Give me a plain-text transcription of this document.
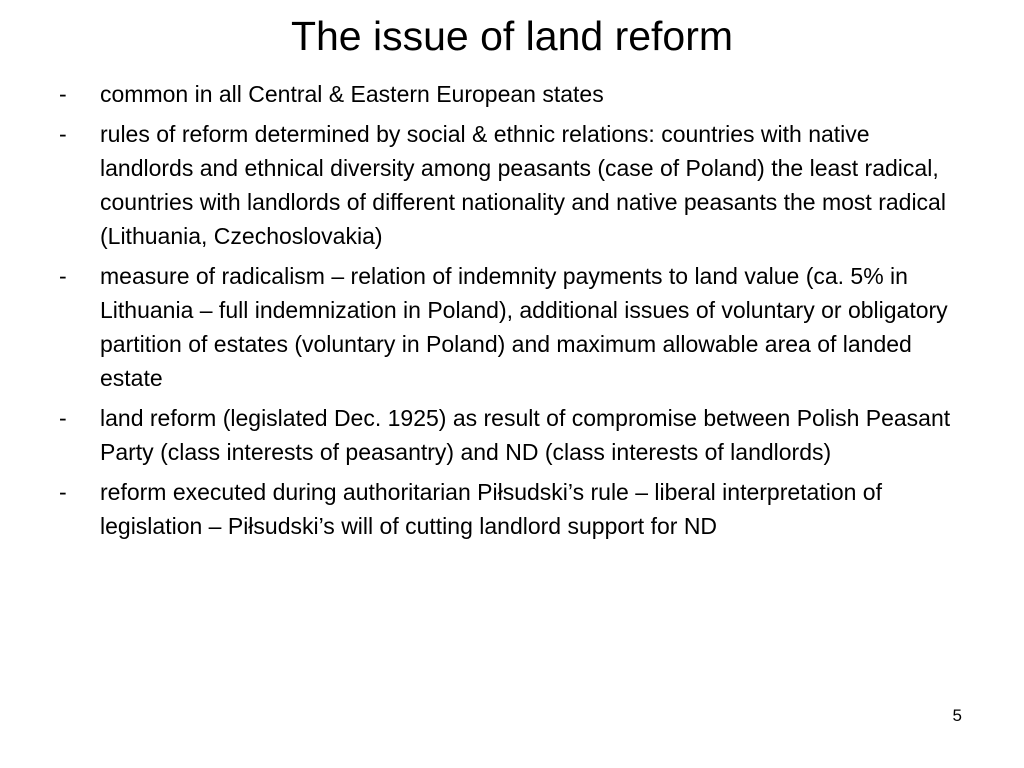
The issue of land reform
-	common in all Central & Eastern European states
-	rules of reform determined by social & ethnic relations: countries with native landlords and ethnical diversity among peasants (case of Poland) the least radical, countries with landlords of different nationality and native peasants the most radical (Lithuania, Czechoslovakia)
-	measure of radicalism – relation of indemnity payments to land value (ca. 5% in Lithuania – full indemnization in Poland), additional issues of voluntary or obligatory partition of estates (voluntary in Poland) and maximum allowable area of landed estate
-	land reform (legislated Dec. 1925) as result of compromise between Polish Peasant Party (class interests of peasantry) and ND (class interests of landlords)
-	reform executed during authoritarian Piłsudski’s rule – liberal interpretation of legislation – Piłsudski’s will of cutting landlord support for ND
5
